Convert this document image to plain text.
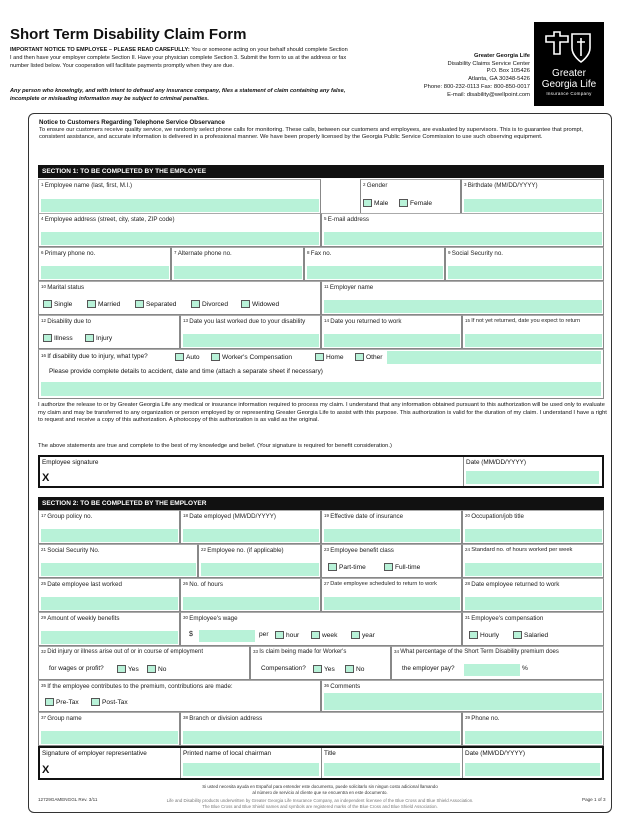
Short Term Disability Claim Form
IMPORTANT NOTICE TO EMPLOYEE – PLEASE READ CAREFULLY: You or someone acting on your behalf should complete Section I and then have your employer complete Section II. Have your physician complete Section 3. Submit the form to us at the address or fax number listed below. Your cooperation will facilitate payments promptly when they are due.
Any person who knowingly, and with intent to defraud any insurance company, files a statement of claim containing any false, incomplete or misleading information may be subject to criminal penalties.
Greater Georgia Life
Disability Claims Service Center
P.O. Box 105426
Atlanta, GA 30348-5426
Phone: 800-232-0113 Fax: 800-850-0017
E-mail: disability@wellpoint.com
Greater
Georgia Life
Insurance Company
Notice to Customers Regarding Telephone Service Observance
To ensure our customers receive quality service, we randomly select phone calls for monitoring. These calls, between our customers and employees, are evaluated by supervisors. This is to guarantee that prompt, consistent assistance, and accurate information is delivered in a professional manner. We have been properly licensed by the Georgia Public Service Commission to use such observing equipment.
SECTION 1: TO BE COMPLETED BY THE EMPLOYEE
$^1$ Employee name (last, first, M.I.)	$^2$ Gender
Male	Female
$^3$ Birthdate (MM/DD/YYYY)
$^4$ Employee address (street, city, state, ZIP code)	$^5$ E-mail address
$^6$ Primary phone no.	$^7$ Alternate phone no.	$^8$ Fax no.	$^9$ Social Security no.
$^{10}$ Marital status
Single	Married	Separated	Divorced	Widowed
$^{11}$ Employer name
$^{12}$ Disability due to
Illness	Injury
$^{13}$ Date you last worked due to your disability	$^{14}$ Date you returned to work	$^{15}$ If not yet returned, date you expect to return
$^{16}$ If disability due to injury, what type?	Auto	Worker's Compensation	Home	Other
Please provide complete details to accident, date and time (attach a separate sheet if necessary)
I authorize the release to or by Greater Georgia Life any medical or insurance information required to process my claim. I understand that any information obtained pursuant to this authorization will be used only to evaluate my claim and may be transferred to any organization or person employed by or representing Greater Georgia Life to assist with this purpose. This authorization is valid for the duration of my claim. I understand I have a right to request and receive a copy of this authorization. A photocopy of this authorization is as valid as the original.
The above statements are true and complete to the best of my knowledge and belief. (Your signature is required for benefit consideration.)
Employee signature
X
Date (MM/DD/YYYY)
SECTION 2: TO BE COMPLETED BY THE EMPLOYER
$^{17}$ Group policy no.	$^{18}$ Date employed (MM/DD/YYYY)	$^{19}$ Effective date of insurance	$^{20}$ Occupation/job title
$^{21}$ Social Security No.	$^{22}$ Employee no. (if applicable)	$^{23}$ Employee benefit class
Part-time	Full-time
$^{24}$ Standard no. of hours worked per week
$^{25}$ Date employee last worked	$^{26}$ No. of hours	$^{27}$ Date employee scheduled to return to work	$^{28}$ Date employee returned to work
$^{29}$ Amount of weekly benefits	$^{30}$ Employee's wage
$	per	hour	week	year
$^{31}$ Employee's compensation
Hourly	Salaried
$^{32}$ Did injury or illness arise out of or in course of employment
for wages or profit?	Yes	No
$^{33}$ Is claim being made for Worker's
Compensation?	Yes	No
$^{34}$ What percentage of the Short Term Disability premium does
the employer pay?	%
$^{35}$ If the employee contributes to the premium, contributions are made:
Pre-Tax	Post-Tax
$^{36}$ Comments
$^{37}$ Group name	$^{38}$ Branch or division address	$^{39}$ Phone no.
Signature of employer representative
X
Printed name of local chairman	Title	Date (MM/DD/YYYY)
Si usted necesita ayuda en Español para entender este documento, puede solicitarlo sin ningun costo adicional llamando
al número de servicio al cliente que se encuentra en este documento.
Life and Disability products underwritten by Greater Georgia Life Insurance Company, an independent licensee of the Blue Cross and Blue Shield Association.
The Blue Cross and Blue Shield names and symbols are registered marks of the Blue Cross and Blue Shield Association.
12729GAMENGGL Rev. 3/11	Page 1 of 3
